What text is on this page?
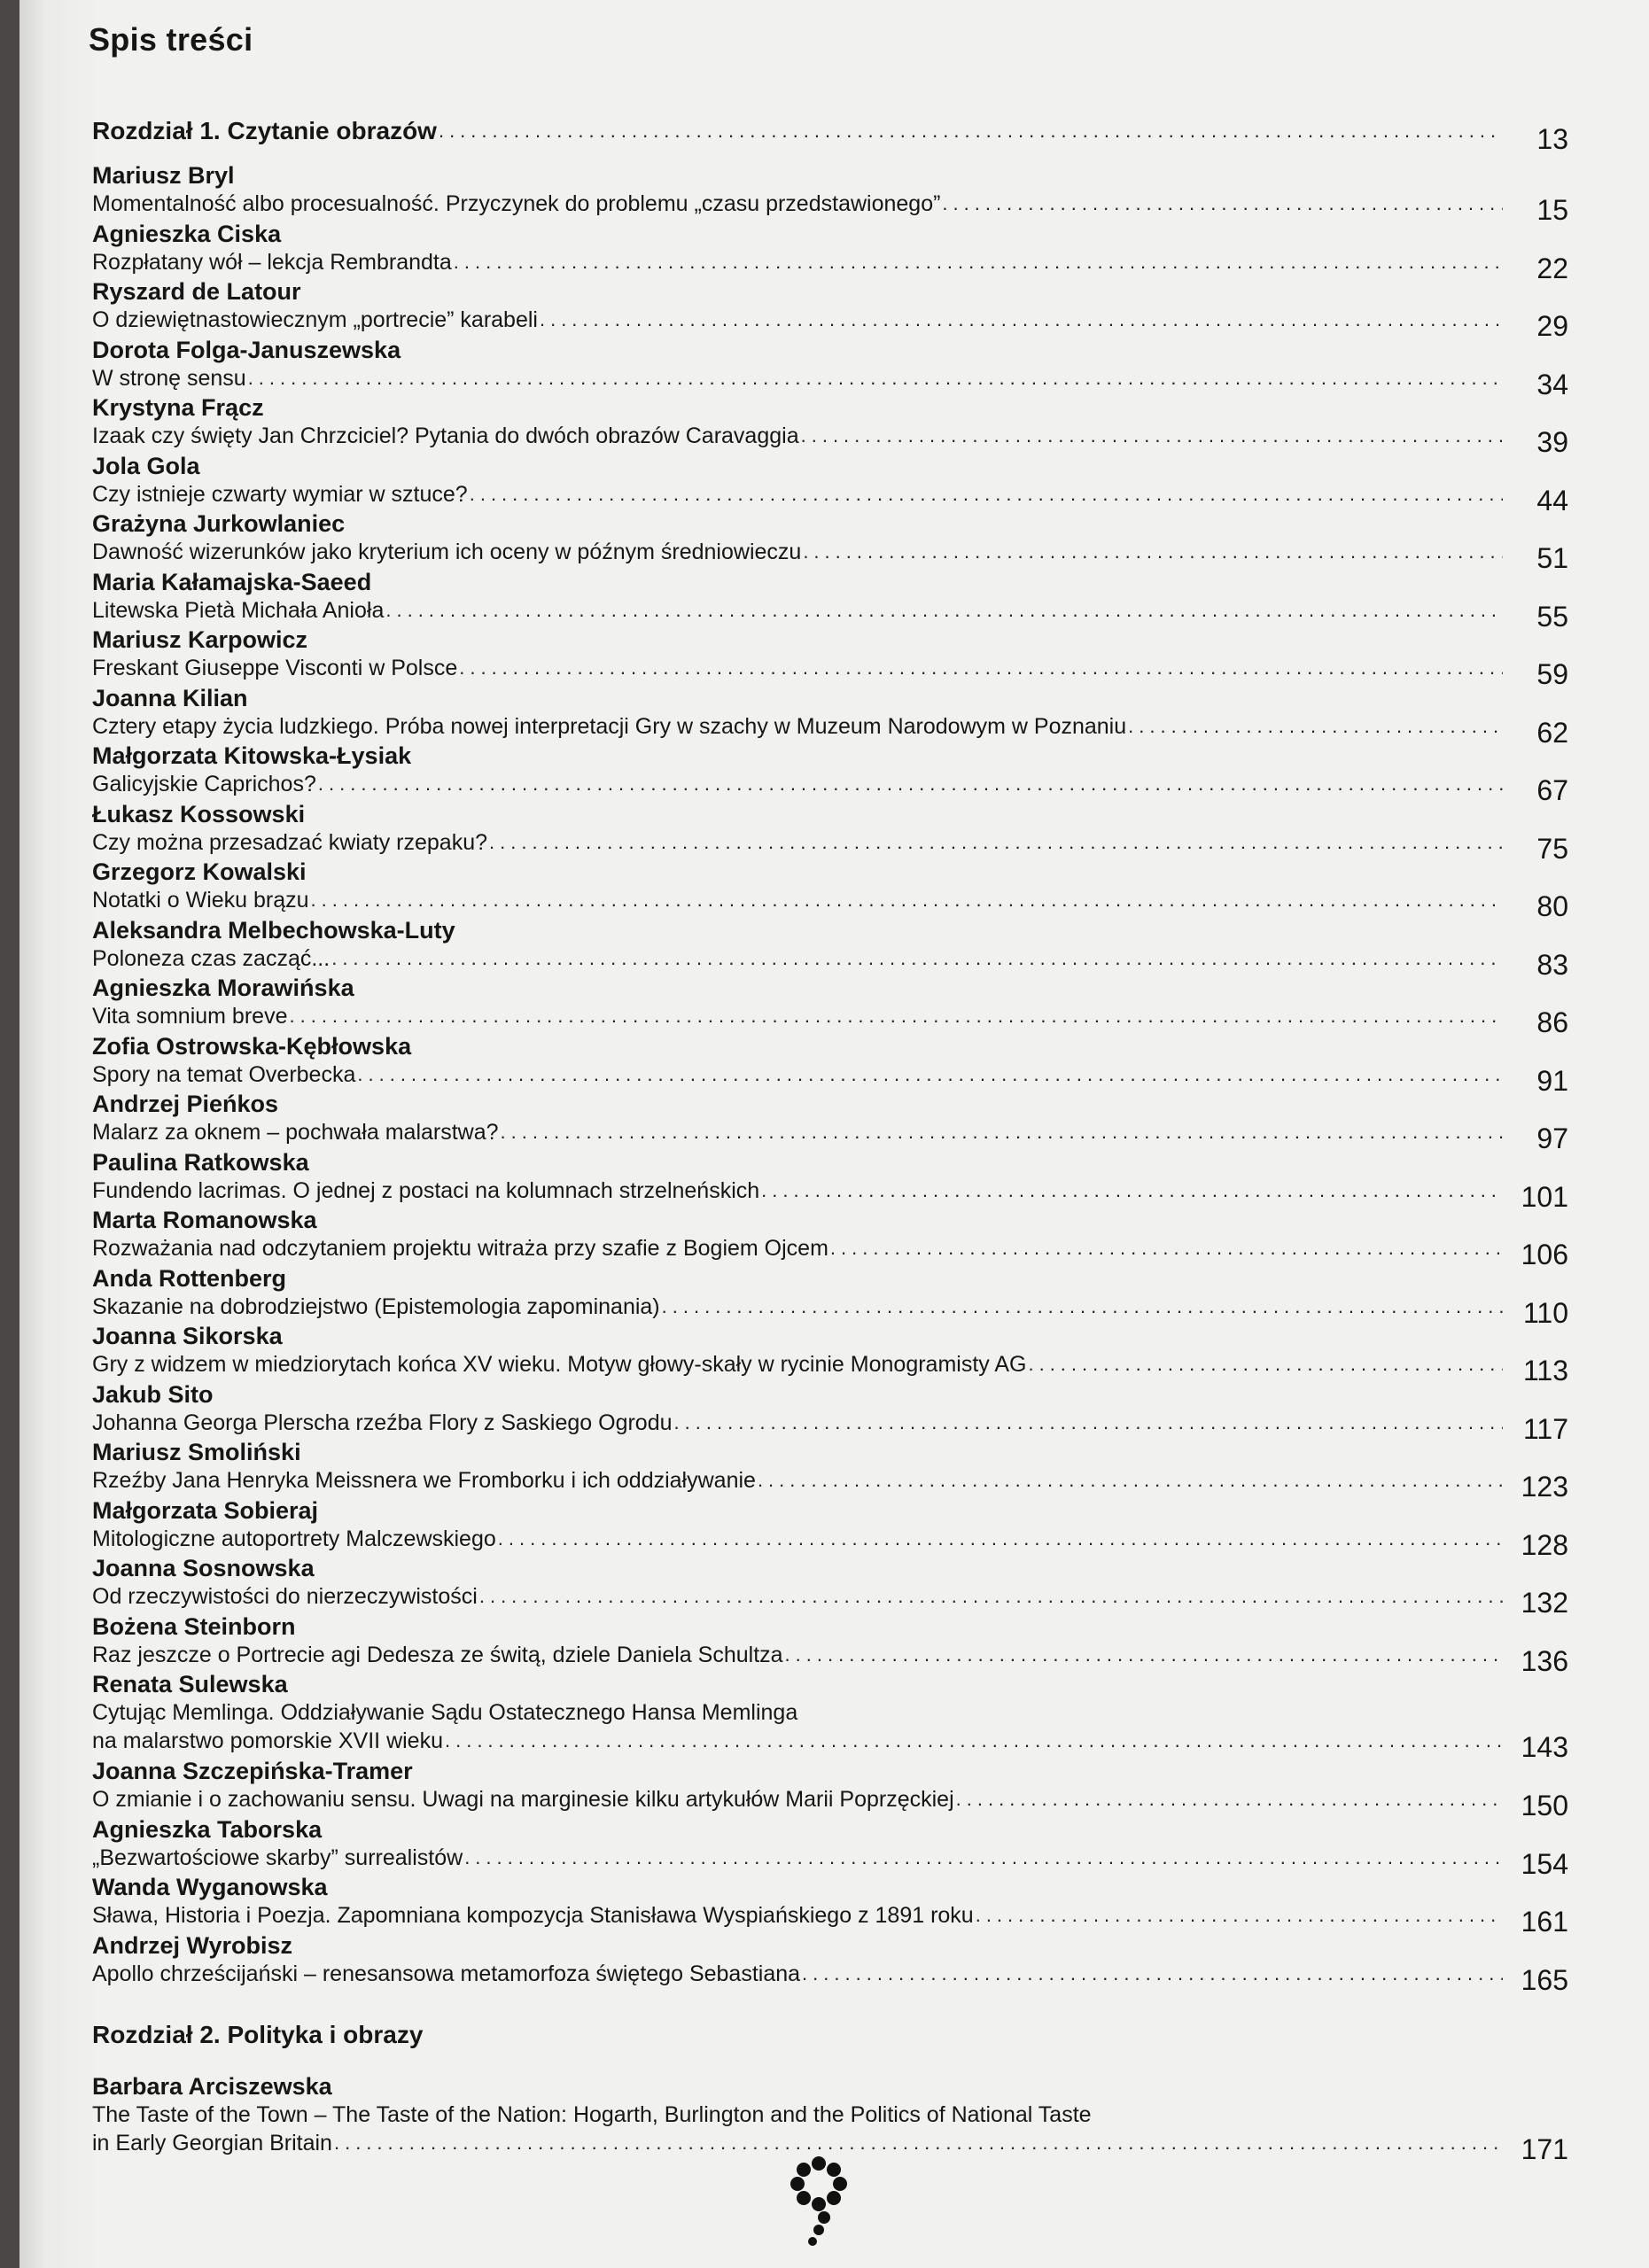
Spis treści
Rozdział 1. Czytanie obrazów .....	13
Mariusz Bryl
Momentalność albo procesualność. Przyczynek do problemu „czasu przedstawionego” .....	15
Agnieszka Ciska
Rozpłatany wół – lekcja Rembrandta .....	22
Ryszard de Latour
O dziewiętnastowiecznym „portrecie” karabeli .....	29
Dorota Folga-Januszewska
W stronę sensu .....	34
Krystyna Frącz
Izaak czy święty Jan Chrzciciel? Pytania do dwóch obrazów Caravaggia .....	39
Jola Gola
Czy istnieje czwarty wymiar w sztuce? .....	44
Grażyna Jurkowlaniec
Dawność wizerunków jako kryterium ich oceny w późnym średniowieczu .....	51
Maria Kałamajska-Saeed
Litewska Pietà Michała Anioła .....	55
Mariusz Karpowicz
Freskant Giuseppe Visconti w Polsce .....	59
Joanna Kilian
Cztery etapy życia ludzkiego. Próba nowej interpretacji Gry w szachy w Muzeum Narodowym w Poznaniu .....	62
Małgorzata Kitowska-Łysiak
Galicyjskie Caprichos? .....	67
Łukasz Kossowski
Czy można przesadzać kwiaty rzepaku? .....	75
Grzegorz Kowalski
Notatki o Wieku brązu .....	80
Aleksandra Melbechowska-Luty
Poloneza czas zacząć... .....	83
Agnieszka Morawińska
Vita somnium breve .....	86
Zofia Ostrowska-Kębłowska
Spory na temat Overbecka .....	91
Andrzej Pieńkos
Malarz za oknem – pochwała malarstwa? .....	97
Paulina Ratkowska
Fundendo lacrimas. O jednej z postaci na kolumnach strzelneńskich .....	101
Marta Romanowska
Rozważania nad odczytaniem projektu witraża przy szafie z Bogiem Ojcem .....	106
Anda Rottenberg
Skazanie na dobrodziejstwo (Epistemologia zapominania) .....	110
Joanna Sikorska
Gry z widzem w miedziorytach końca XV wieku. Motyw głowy-skały w rycinie Monogramisty AG .....	113
Jakub Sito
Johanna Georga Plerscha rzeźba Flory z Saskiego Ogrodu .....	117
Mariusz Smoliński
Rzeźby Jana Henryka Meissnera we Fromborku i ich oddziaływanie .....	123
Małgorzata Sobieraj
Mitologiczne autoportrety Malczewskiego .....	128
Joanna Sosnowska
Od rzeczywistości do nierzeczywistości .....	132
Bożena Steinborn
Raz jeszcze o Portrecie agi Dedesza ze świtą, dziele Daniela Schultza .....	136
Renata Sulewska
Cytując Memlinga. Oddziaływanie Sądu Ostatecznego Hansa Memlinga
na malarstwo pomorskie XVII wieku .....	143
Joanna Szczepińska-Tramer
O zmianie i o zachowaniu sensu. Uwagi na marginesie kilku artykułów Marii Poprzęckiej .....	150
Agnieszka Taborska
„Bezwartościowe skarby” surrealistów .....	154
Wanda Wyganowska
Sława, Historia i Poezja. Zapomniana kompozycja Stanisława Wyspiańskiego z 1891 roku .....	161
Andrzej Wyrobisz
Apollo chrześcijański – renesansowa metamorfoza świętego Sebastiana .....	165
Rozdział 2. Polityka i obrazy
Barbara Arciszewska
The Taste of the Town – The Taste of the Nation: Hogarth, Burlington and the Politics of National Taste
in Early Georgian Britain .....	171
